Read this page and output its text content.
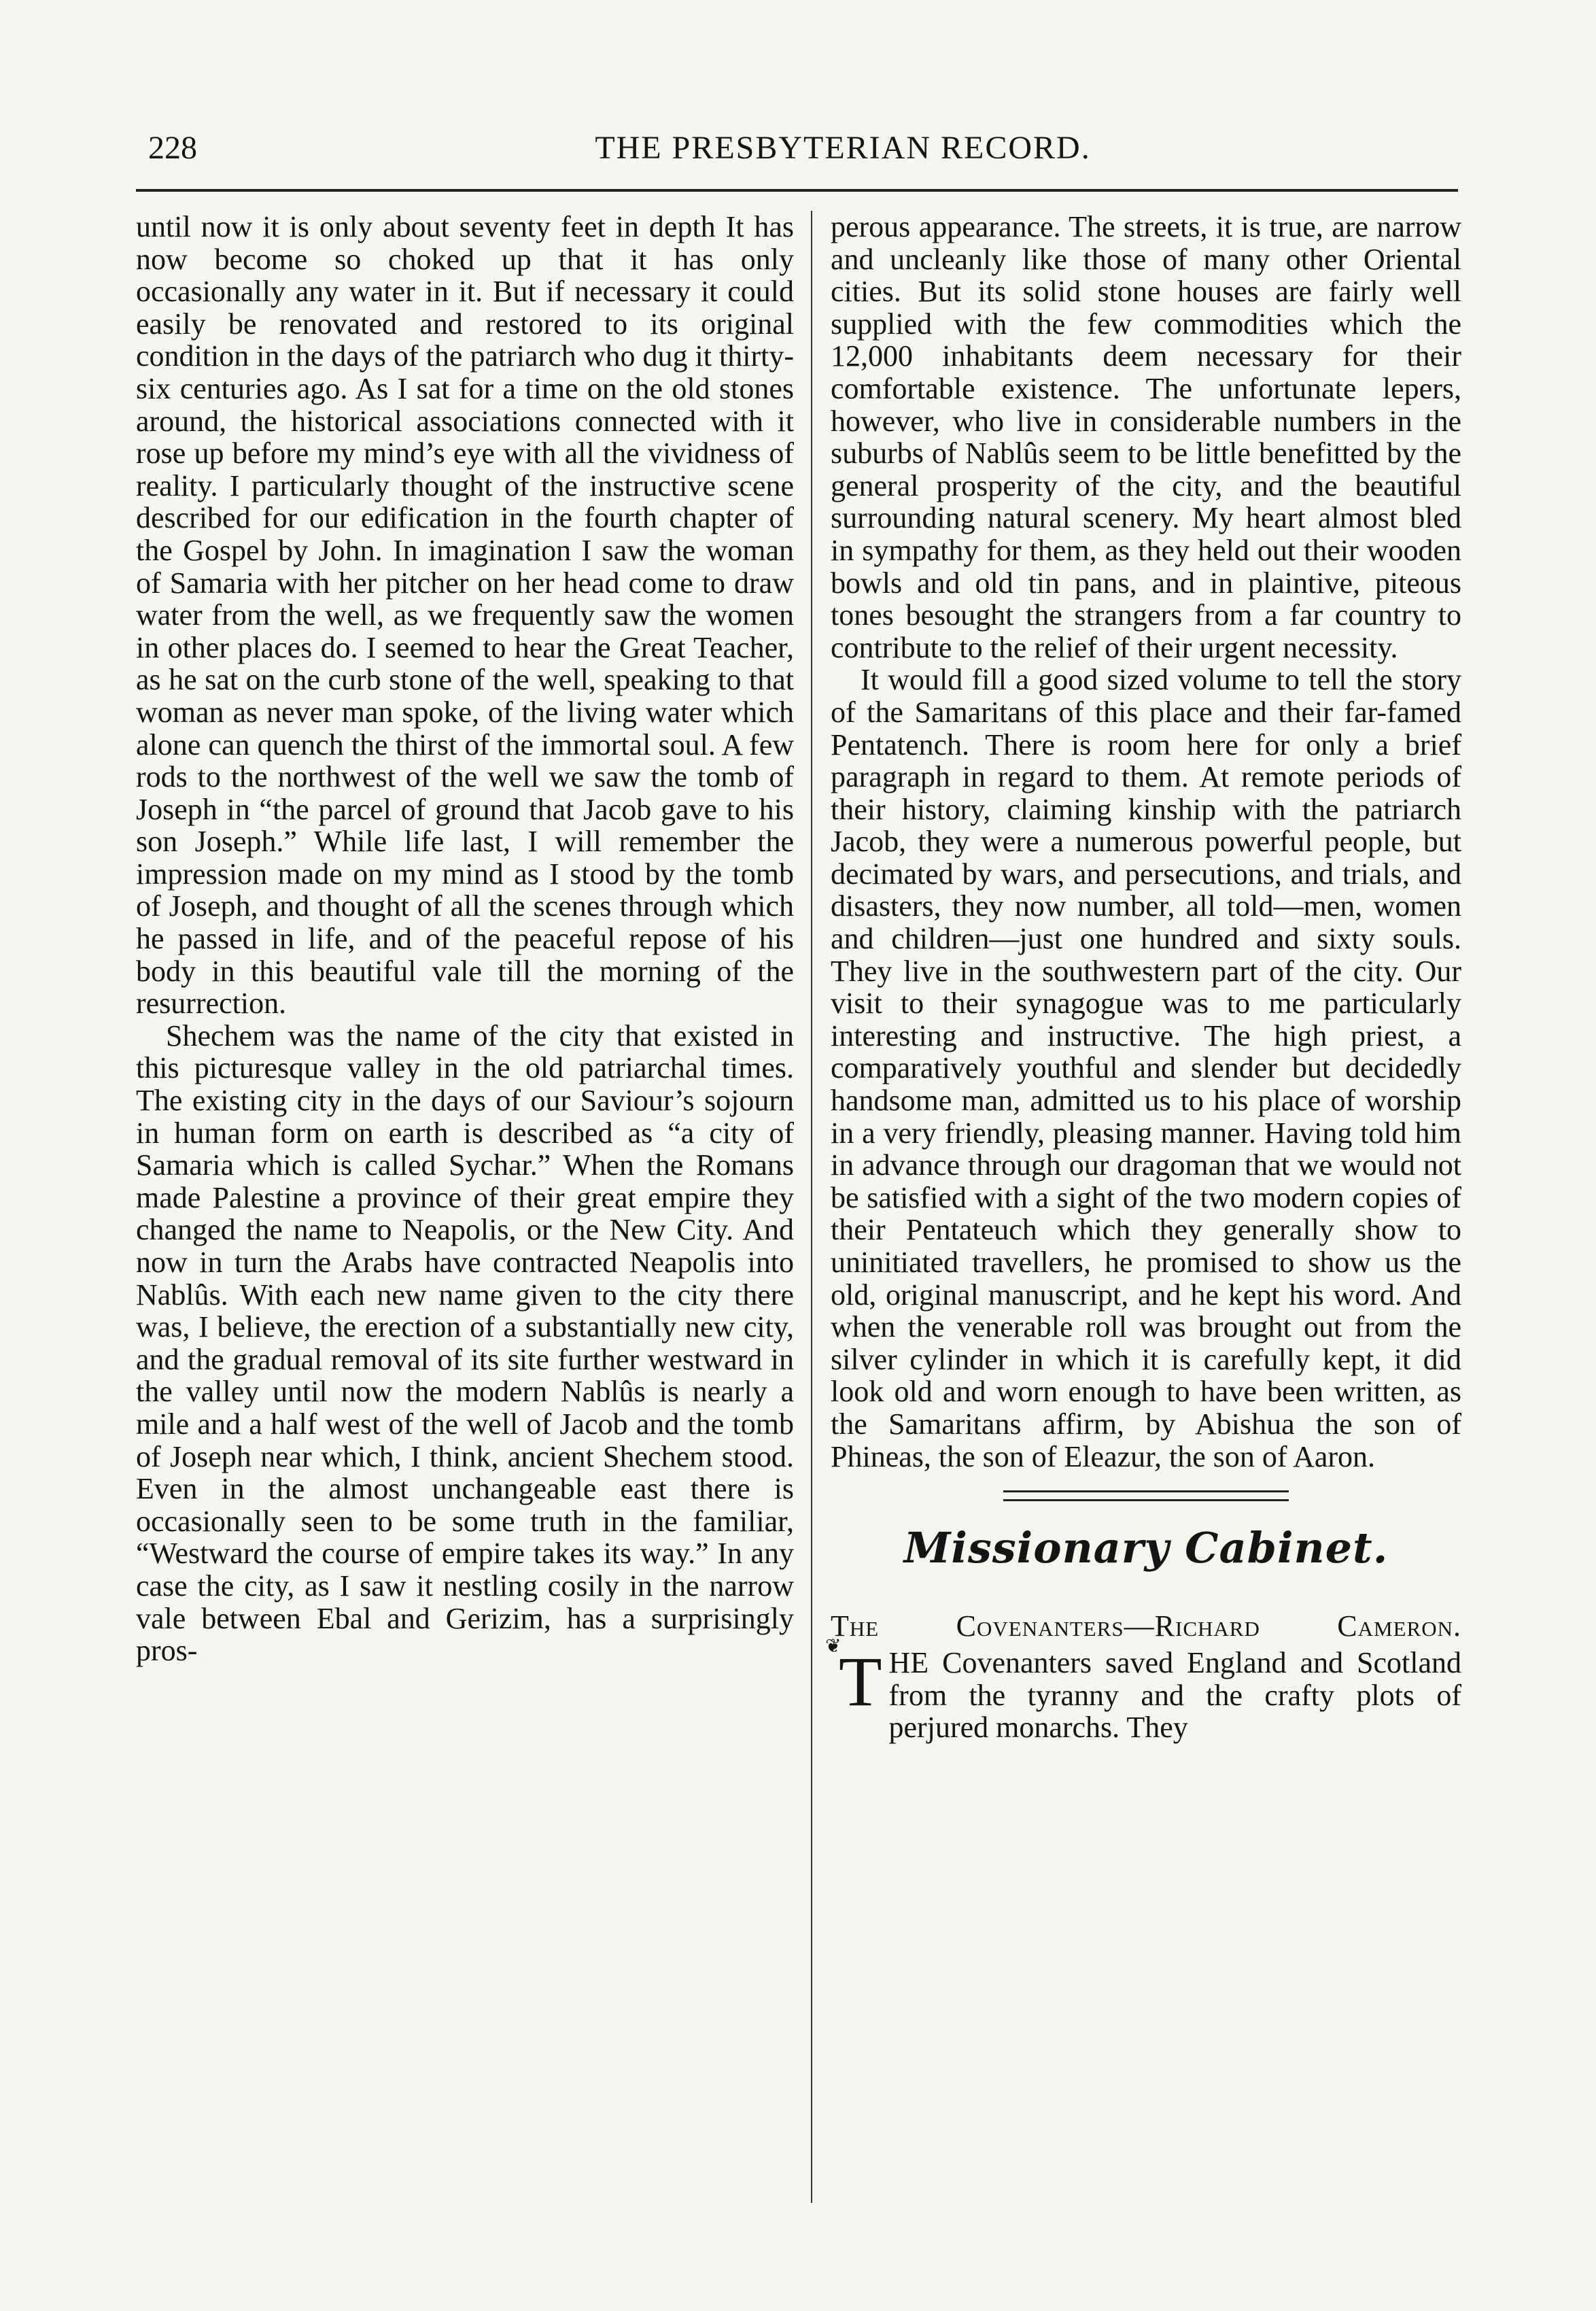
228	THE PRESBYTERIAN RECORD.

until now it is only about seventy feet in depth It has now become so choked up that it has only occasionally any water in it. But if necessary it could easily be renovated and restored to its original condition in the days of the patriarch who dug it thirty-six centuries ago. As I sat for a time on the old stones around, the historical associations connected with it rose up before my mind’s eye with all the vividness of reality. I particularly thought of the instructive scene described for our edification in the fourth chapter of the Gospel by John. In imagination I saw the woman of Samaria with her pitcher on her head come to draw water from the well, as we frequently saw the women in other places do. I seemed to hear the Great Teacher, as he sat on the curb stone of the well, speaking to that woman as never man spoke, of the living water which alone can quench the thirst of the immortal soul. A few rods to the northwest of the well we saw the tomb of Joseph in “the parcel of ground that Jacob gave to his son Joseph.” While life last, I will remember the impression made on my mind as I stood by the tomb of Joseph, and thought of all the scenes through which he passed in life, and of the peaceful repose of his body in this beautiful vale till the morning of the resurrection.

Shechem was the name of the city that existed in this picturesque valley in the old patriarchal times. The existing city in the days of our Saviour’s sojourn in human form on earth is described as “a city of Samaria which is called Sychar.” When the Romans made Palestine a province of their great empire they changed the name to Neapolis, or the New City. And now in turn the Arabs have contracted Neapolis into Nablûs. With each new name given to the city there was, I believe, the erection of a substantially new city, and the gradual removal of its site further westward in the valley until now the modern Nablûs is nearly a mile and a half west of the well of Jacob and the tomb of Joseph near which, I think, ancient Shechem stood. Even in the almost unchangeable east there is occasionally seen to be some truth in the familiar, “Westward the course of empire takes its way.” In any case the city, as I saw it nestling cosily in the narrow vale between Ebal and Gerizim, has a surprisingly pros-

perous appearance. The streets, it is true, are narrow and uncleanly like those of many other Oriental cities. But its solid stone houses are fairly well supplied with the few commodities which the 12,000 inhabitants deem necessary for their comfortable existence. The unfortunate lepers, however, who live in considerable numbers in the suburbs of Nablûs seem to be little benefitted by the general prosperity of the city, and the beautiful surrounding natural scenery. My heart almost bled in sympathy for them, as they held out their wooden bowls and old tin pans, and in plaintive, piteous tones besought the strangers from a far country to contribute to the relief of their urgent necessity.

It would fill a good sized volume to tell the story of the Samaritans of this place and their far-famed Pentatench. There is room here for only a brief paragraph in regard to them. At remote periods of their history, claiming kinship with the patriarch Jacob, they were a numerous powerful people, but decimated by wars, and persecutions, and trials, and disasters, they now number, all told—men, women and children—just one hundred and sixty souls. They live in the southwestern part of the city. Our visit to their synagogue was to me particularly interesting and instructive. The high priest, a comparatively youthful and slender but decidedly handsome man, admitted us to his place of worship in a very friendly, pleasing manner. Having told him in advance through our dragoman that we would not be satisfied with a sight of the two modern copies of their Pentateuch which they generally show to uninitiated travellers, he promised to show us the old, original manuscript, and he kept his word. And when the venerable roll was brought out from the silver cylinder in which it is carefully kept, it did look old and worn enough to have been written, as the Samaritans affirm, by Abishua the son of Phineas, the son of Eleazur, the son of Aaron.

Missionary Cabinet.
The Covenanters—Richard Cameron.

❦
T HE Covenanters saved England and Scotland from the tyranny and the crafty plots of perjured monarchs. They
